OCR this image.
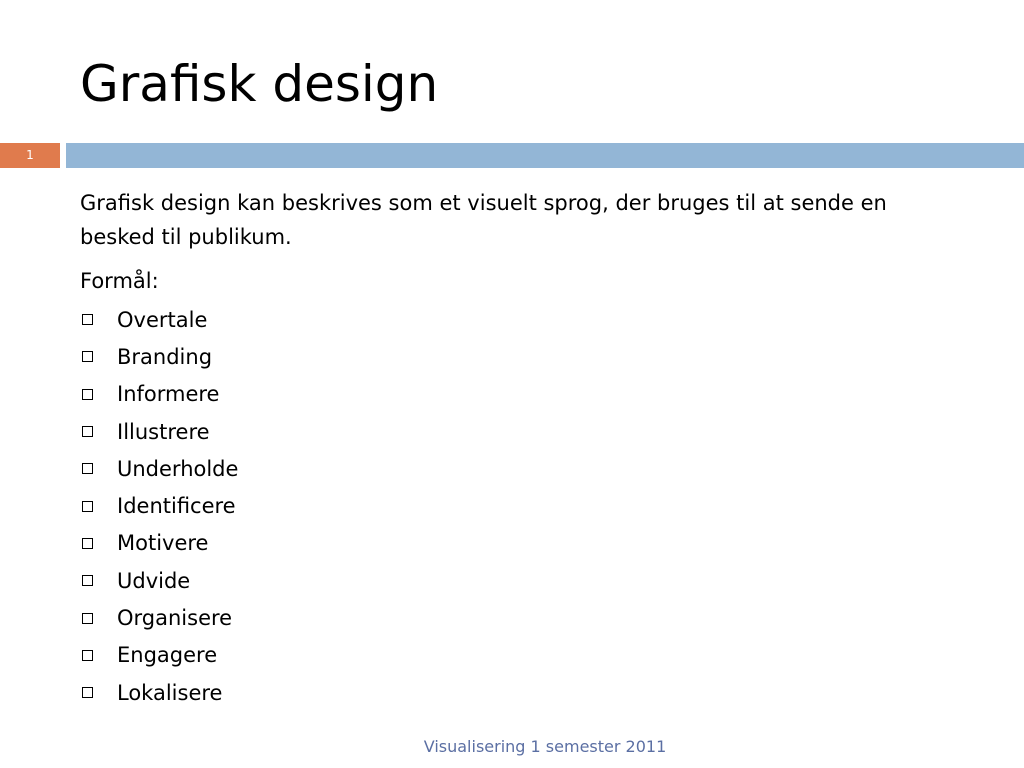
Grafisk design
1

Grafisk design kan beskrives som et visuelt sprog, der bruges til at sende en besked til publikum.

Formål:

Overtale
Branding
Informere
Illustrere
Underholde
Identificere
Motivere
Udvide
Organisere
Engagere
Lokalisere
Visualisering 1 semester 2011
